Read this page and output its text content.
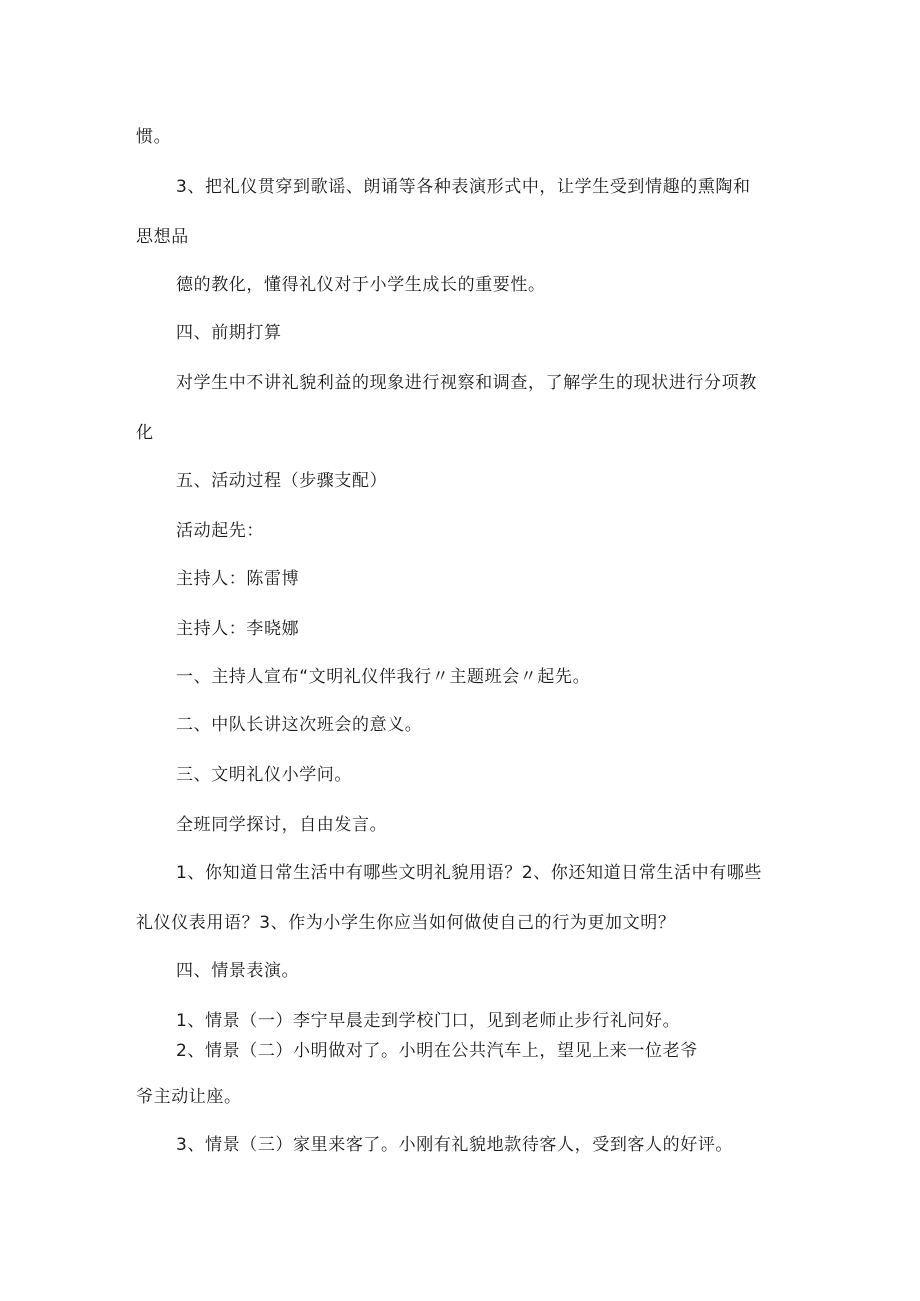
惯。
3、把礼仪贯穿到歌谣、朗诵等各种表演形式中，让学生受到情趣的熏陶和
思想品
德的教化，懂得礼仪对于小学生成长的重要性。
四、前期打算
对学生中不讲礼貌利益的现象进行视察和调查，了解学生的现状进行分项教
化
五、活动过程（步骤支配）
活动起先：
主持人：陈雷博
主持人：李晓娜
一、主持人宣布“文明礼仪伴我行〃主题班会〃起先。
二、中队长讲这次班会的意义。
三、文明礼仪小学问。
全班同学探讨，自由发言。
1、你知道日常生活中有哪些文明礼貌用语？2、你还知道日常生活中有哪些
礼仪仪表用语？3、作为小学生你应当如何做使自己的行为更加文明？
四、情景表演。
1、情景（一）李宁早晨走到学校门口，见到老师止步行礼问好。
2、情景（二）小明做对了。小明在公共汽车上，望见上来一位老爷
爷主动让座。
3、情景（三）家里来客了。小刚有礼貌地款待客人，受到客人的好评。
